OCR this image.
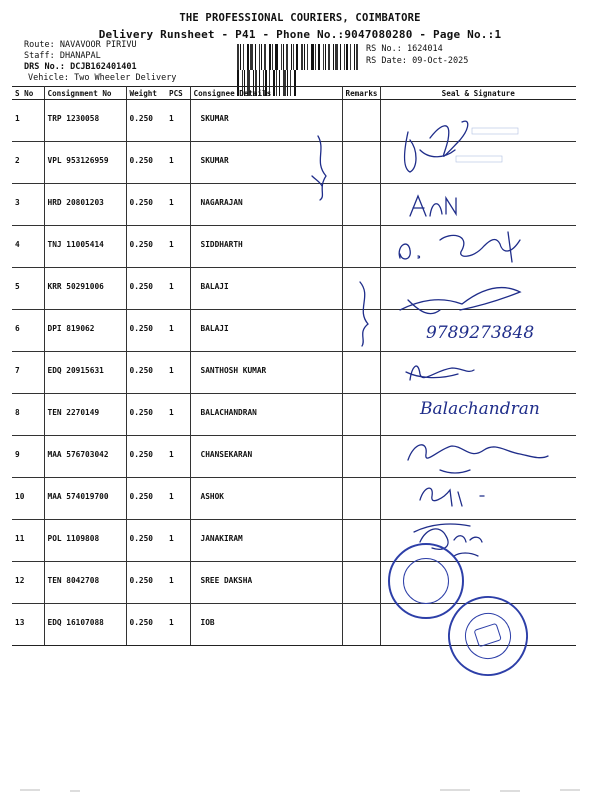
THE PROFESSIONAL COURIERS, COIMBATORE
Delivery Runsheet - P41 - Phone No.:9047080280 - Page No.:1
Route: NAVAVOOR PIRIVU
Staff: DHANAPAL
DRS No.: DCJB162401401
Vehicle: Two Wheeler Delivery
RS No.: 1624014
RS Date: 09-Oct-2025
S No	Consignment No	Weight	PCS	Consignee Details	Remarks	Seal & Signature
1	TRP 1230058	0.250	1	SKUMAR		
2	VPL 953126959	0.250	1	SKUMAR		
3	HRD 20801203	0.250	1	NAGARAJAN		
4	TNJ 11005414	0.250	1	SIDDHARTH		
5	KRR 50291006	0.250	1	BALAJI		
6	DPI 819062	0.250	1	BALAJI		
7	EDQ 20915631	0.250	1	SANTHOSH KUMAR		
8	TEN 2270149	0.250	1	BALACHANDRAN		
9	MAA 576703042	0.250	1	CHANSEKARAN		
10	MAA 574019700	0.250	1	ASHOK		
11	POL 1109808	0.250	1	JANAKIRAM		
12	TEN 8042708	0.250	1	SREE DAKSHA		
13	EDQ 16107088	0.250	1	IOB		
9789273848
Balachandran
